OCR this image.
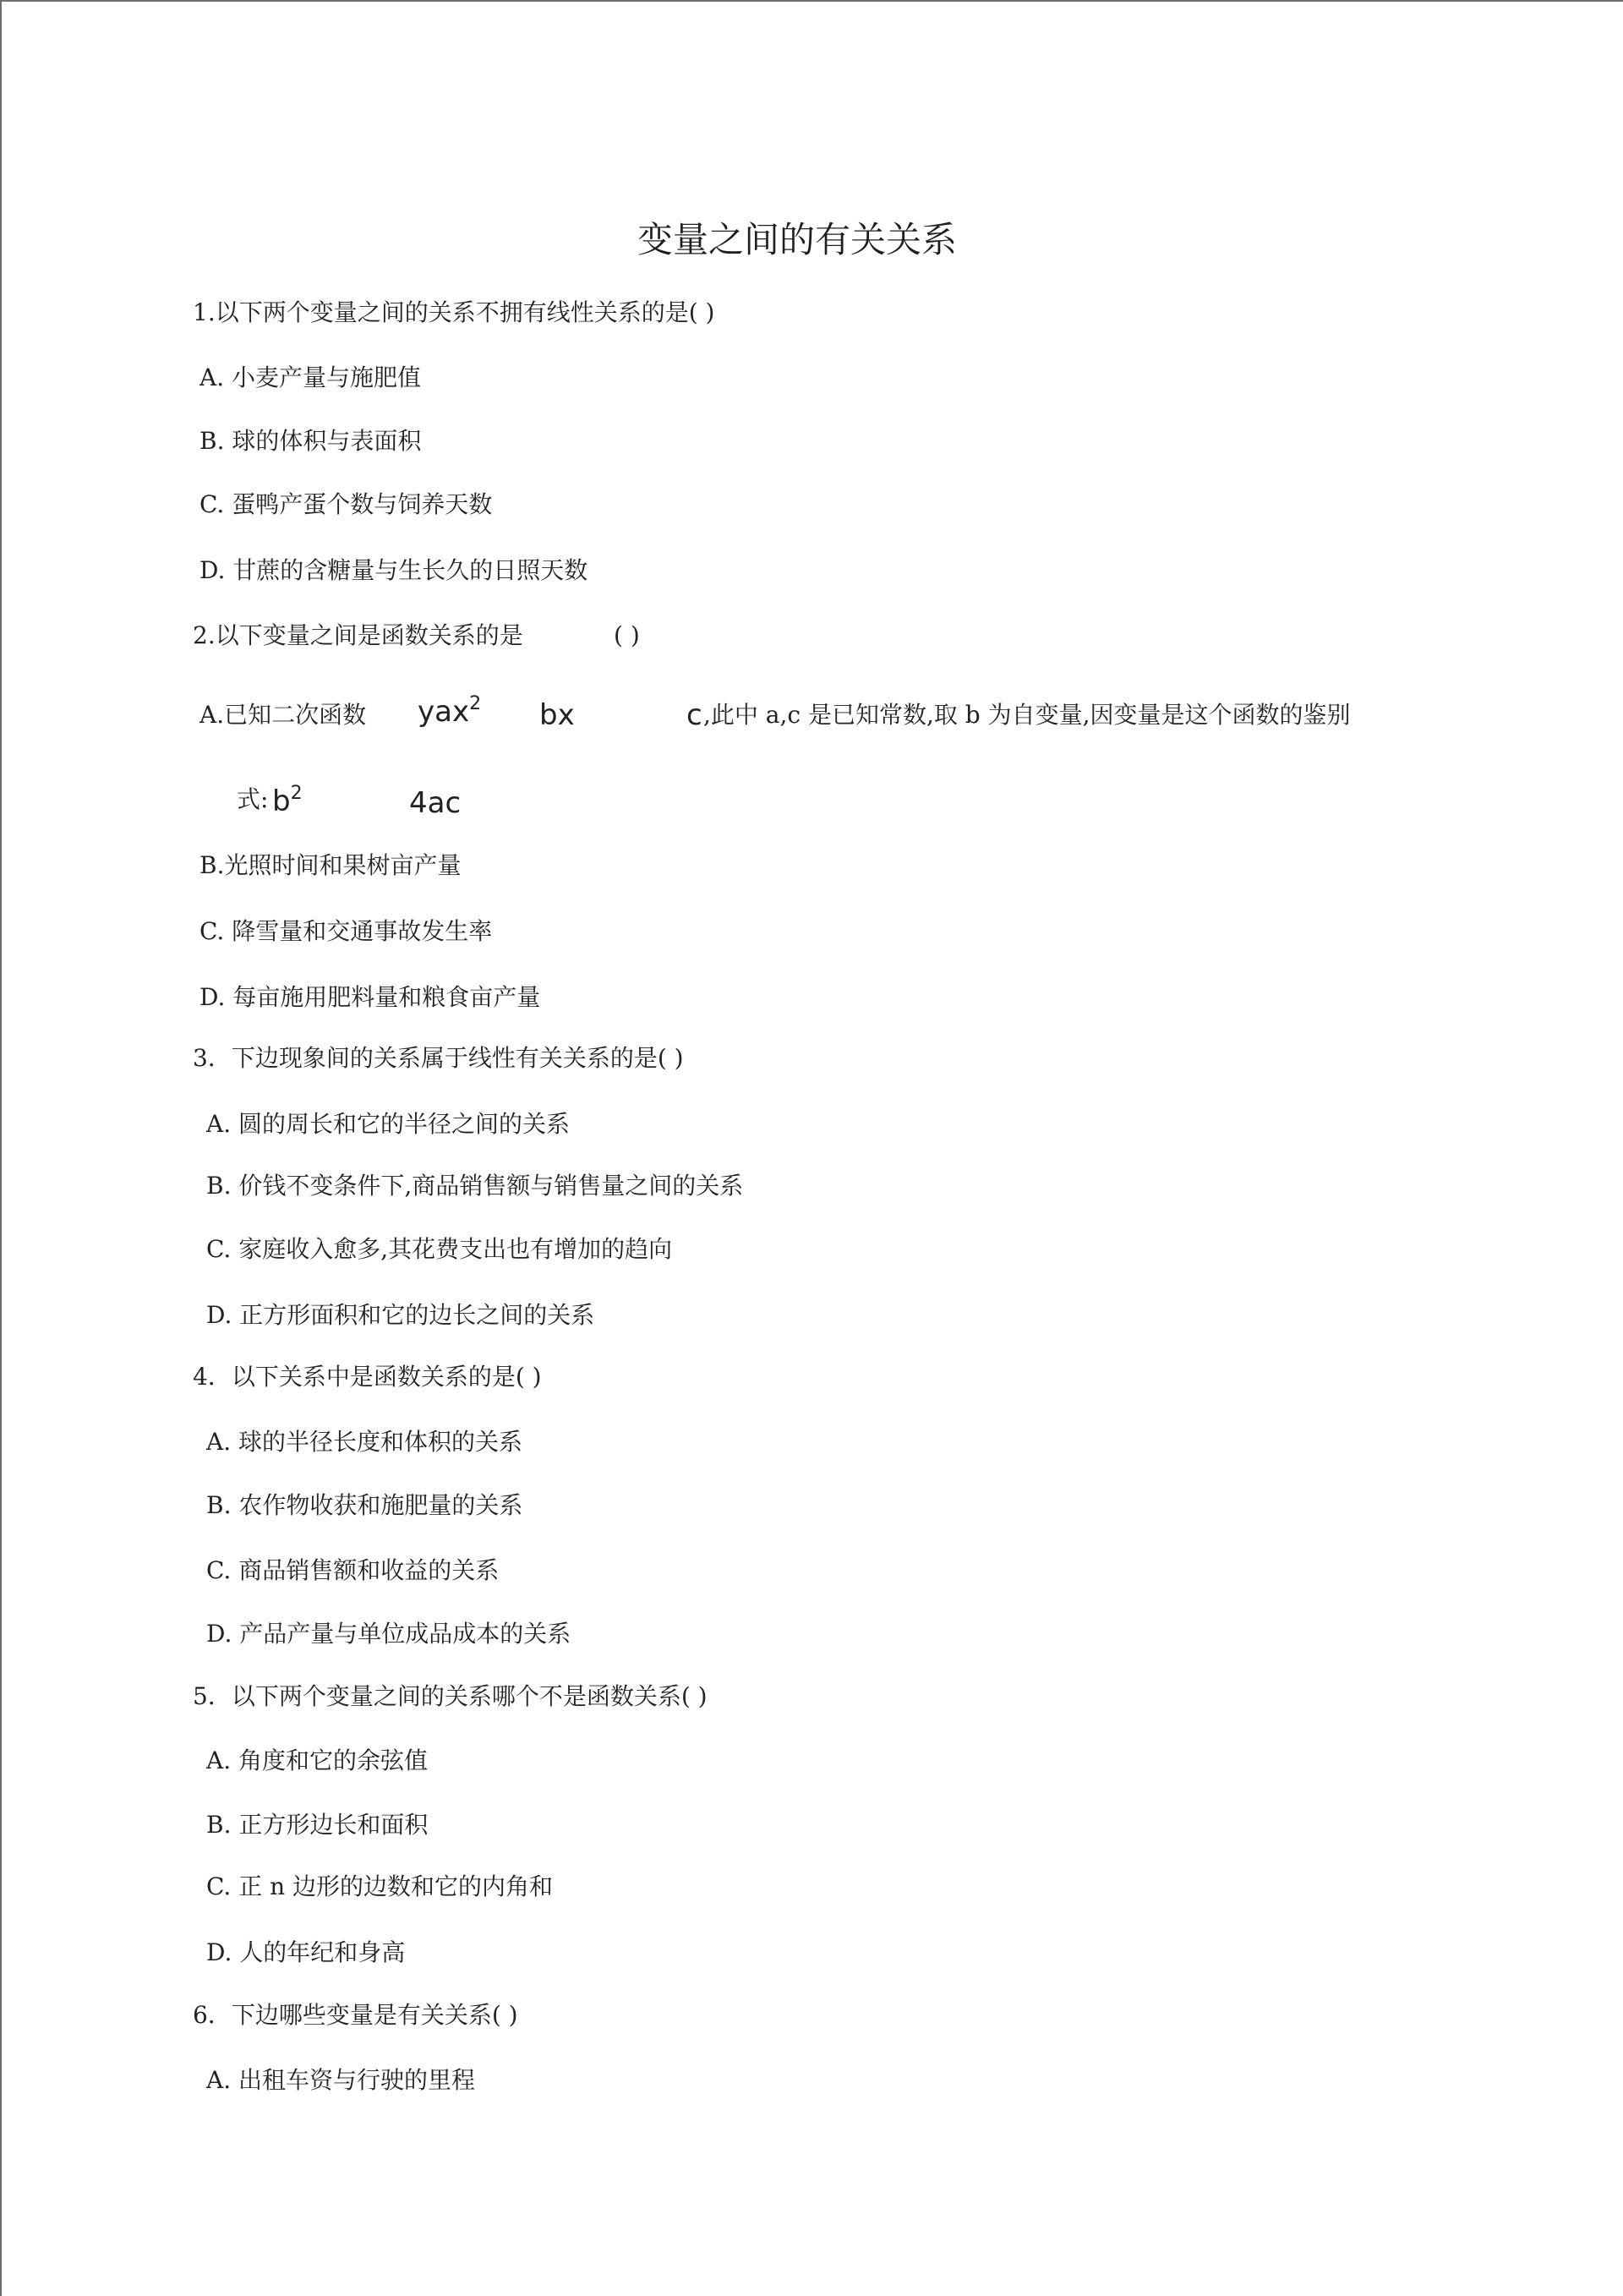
变量之间的有关关系
1.以下两个变量之间的关系不拥有线性关系的是( )
A. 小麦产量与施肥值
B. 球的体积与表面积
C. 蛋鸭产蛋个数与饲养天数
D. 甘蔗的含糖量与生长久的日照天数
2.以下变量之间是函数关系的是	( )
A.已知二次函数 yax$^2$ bx	c ,此中 a,c 是已知常数,取 b 为自变量,因变量是这个函数的鉴别
式: $b^2$	4ac
B.光照时间和果树亩产量
C. 降雪量和交通事故发生率
D. 每亩施用肥料量和粮食亩产量
3．下边现象间的关系属于线性有关关系的是( )
A. 圆的周长和它的半径之间的关系
B. 价钱不变条件下,商品销售额与销售量之间的关系
C. 家庭收入愈多,其花费支出也有增加的趋向
D. 正方形面积和它的边长之间的关系
4．以下关系中是函数关系的是( )
A. 球的半径长度和体积的关系
B. 农作物收获和施肥量的关系
C. 商品销售额和收益的关系
D. 产品产量与单位成品成本的关系
5．以下两个变量之间的关系哪个不是函数关系( )
A. 角度和它的余弦值
B. 正方形边长和面积
C. 正 n 边形的边数和它的内角和
D. 人的年纪和身高
6．下边哪些变量是有关关系( )
A. 出租车资与行驶的里程
